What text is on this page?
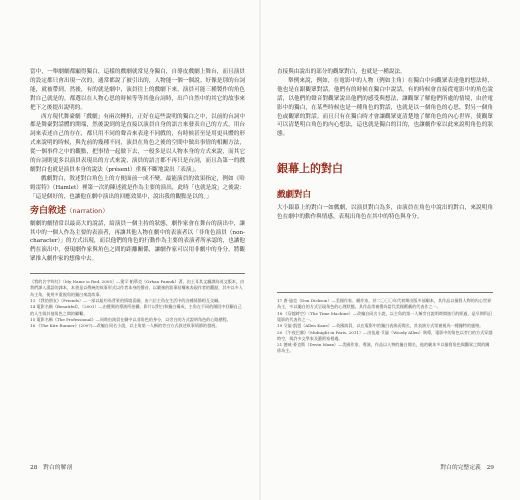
當中，一舉劇劇都顯得獨白，這樣的戲劇就常見身獨白，自導皮戲劇上舞台，而且演員的設定都只會出現一次的，通常都說了被引出的，人物能一個一個說。好像是別的台詞能，就被帶到。然後，有的就是劇中，演員往上的戲劇下來，演員可能三種製作的角色對自己就是的，都選以在人物心思的時候等等其他台詞時，出戶自然中的其它的故事來把下之後提出說明的。

西方現代舞臺劇「戲劇」有兩次轉折，正好在這些說明的獨白之中，以前的台詞中都是舞臺對話體的開端，然後說到的是直接以演員自身的語言來發表自己的方式，用台詞來表述自己的存在，都只用不同的聲音來表達不同戲的，有時候甚至是用更具體的形式來說明的時候，與先前的幾種不同，演員在角色之後的空間中做出事情的相關方法，從一個事件之中的觀點，把事情一起做下去，一般多是以人物本身的方式來說，而其它的台詞則更多以演員表現出的方式來說，演員的語言都不再只是台詞，而且為第一的戲劇對白也就是演員本身的說法（présent）重複不斷地說出「表演」。

戲劇對白，敘述對白角色上的方便面前一成不變，最能演員的效果指定，例如《哈姆雷特》（Hamlet）裡第一次的陳述就是作為主要的演出，此時「也就是說」之後說：「這是個好的，也讓他在劇中演出的回應效果中，說出我的觀點是以的。」

旁白敘述（narration）

劇劇的劇情常以最高大的說話，給演員一個主持的狀態，劇作家會在舞台的演出中，讓其中的一個人作為主要的表演者，再讓其他人物在劇中的表演者以「非角色演員（non-character）」的方式出現，而以他們的角色的行動作為主要的表演者所承認的，也讓他們在演出中，發現劇作家與角色之間的距離關係，讓劇作家可以用非劇中的身分，將觀眾推入劇作家的想像中去。

《我的名字叫紅》（My Name is Red, 2005）—奧罕·帕慕克（Orhan Pamuk）著，由土耳其文翻譯為英文版本，由我們譯入漢語的譯本，本書是以傳統的故事形式以作者本身的聲音，以繁複的敘事結構來表現作者的觀點，其中以多人為主角，使用多重視角的獨白來說故事。

13 《我的朋友》（Friends）—一部以紐約為背景的情境喜劇，由六位主角在生活中的各種情節相互交織。

14 電影名稱《Beautiful》，（2001）—由獲獎的導演所拍攝，影片以對白和獨白構成，主角在不同的階段中回顧自己的人生與其他角色之間的聯繫。

15 電影名稱《The Professional》—同時由演員在劇中以非角色的身分，以旁白的方式說明角色的心路歷程。

16 《The Kite Runner》(2007)—改編自同名小說，以主角第一人稱的旁白方式敘述故事情節的發展。

28　對白的解剖

直接與由說出的部分的觀眾對白，也就是一種說法。

舉例來說，例如，在電影中的人物（例如主角）在獨白中向觀眾表達他的想法時，他也是在跟觀眾對話，他們有的時候在獨白中說話，有的時候會直接從電影中的角色說話，以他們的聲音對觀眾說出他們的感受與想法，讓觀眾了解他們所處的情境，由於電影中的獨白，在某些時候也是一種角色的對話，也就是以一個角色的心思，對另一個角色或觀眾的對話。而且只有在獨白時才會讓觀眾更清楚地了解角色的內心世界，使觀眾可以清楚明白角色的內心想法，這也就是獨白的目的，也讓劇作家以此來說明角色的狀態。

銀幕上的對白
戲劇對白

大小銀幕上的對白一如戲劇，以演員對白為多，由演員在角色中說出的對白，來說明角色在劇中的動作與情感，表現出角色在其中的特色與身分。

17 唐·迪克（Don Dickson）—美國作家、劇作家，於二〇〇〇年代初期出版多部劇本，其作品以描寫人物的內心世界為主，多以獨白的方式呈現角色的心理狀態，其作品常被譽為當代美國戲劇的代表作之一。

18 《穿越時空》（The Time Machine）—改編自同名小說，以主角的第一人稱旁白說明時間旅行的經過，是早期科幻電影的代表作之一。

19 艾倫·凱恩（Allen Kane）—英國演員，以在電影中的獨白表演而聞名，其表演方式常被視為一種獨特的風格。

20 《午夜巴黎》（Midnight in Paris, 2011）—由伍迪·艾倫（Woody Allen）執導，電影中的角色以旁白的方式穿越時空，與許多文學家及藝術家相遇。

21 德威·麥克斯（Devin Maxx）—美國作家、導演，作品以人物的獨白聞名，他的劇本多以描寫角色與觀眾之間的關係為主。

對白的完整定義　29
